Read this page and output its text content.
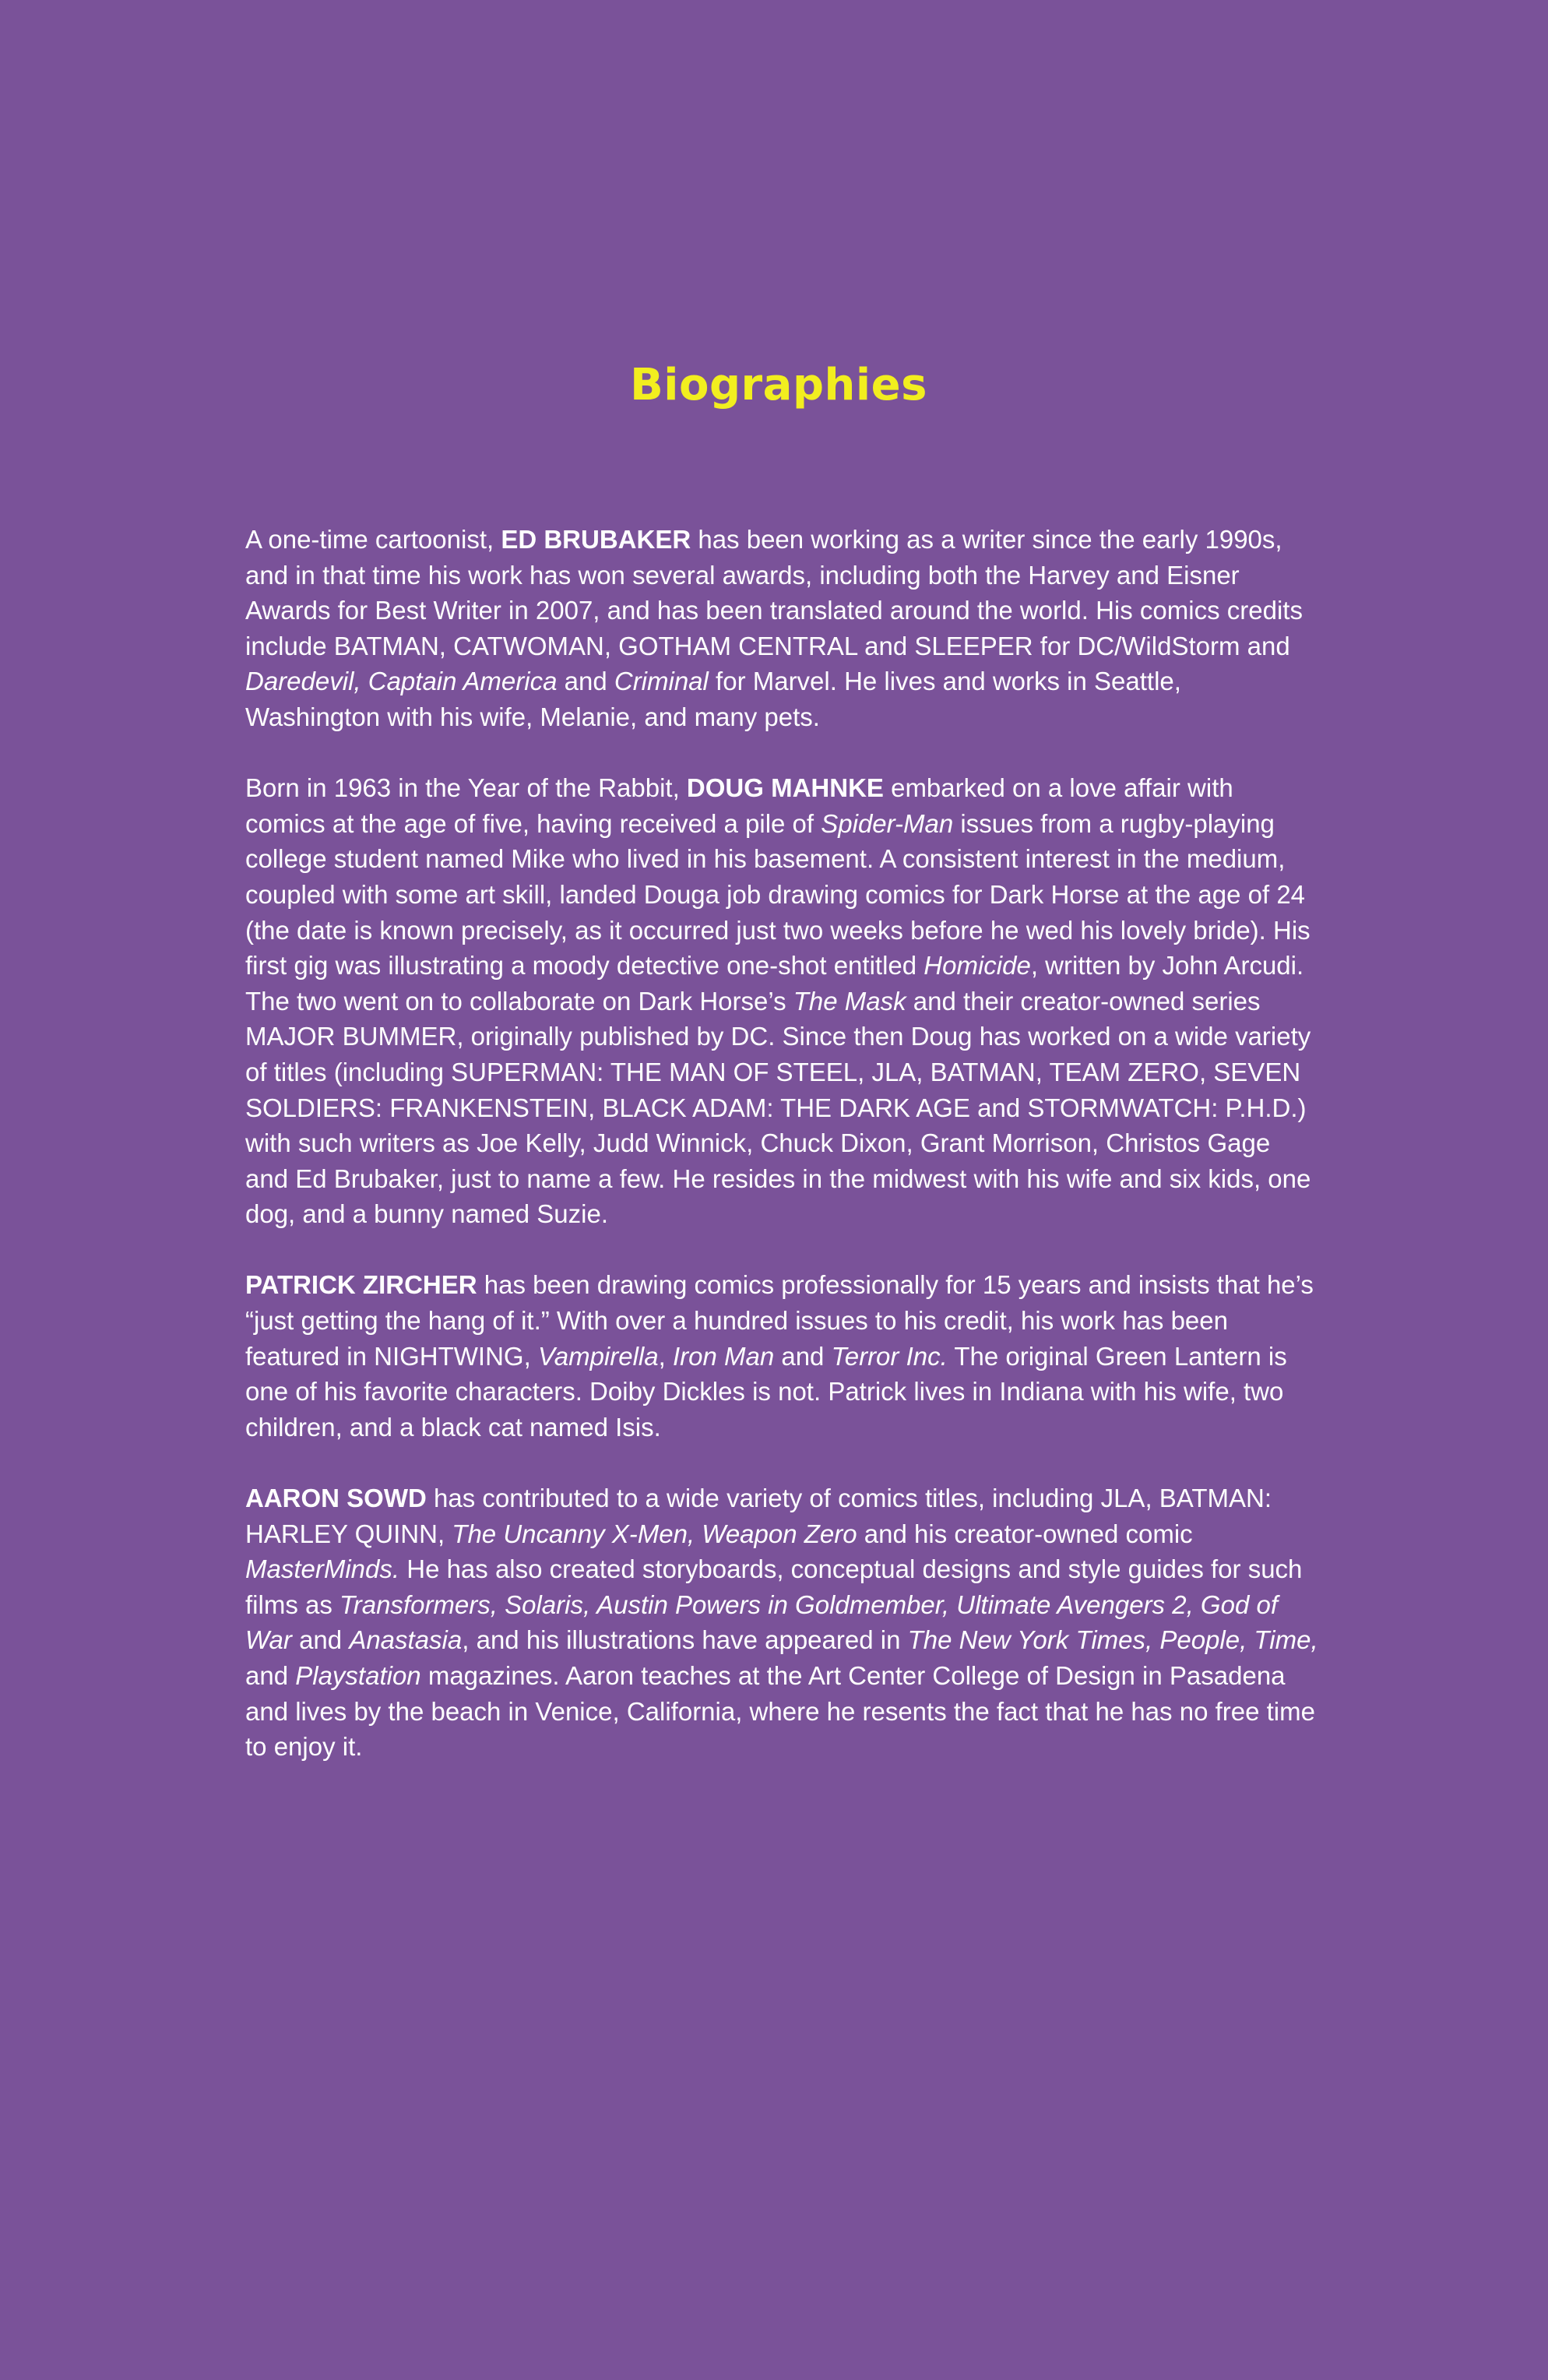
Biographies

A one-time cartoonist, ED BRUBAKER has been working as a writer since the early 1990s, and in that time his work has won several awards, including both the Harvey and Eisner Awards for Best Writer in 2007, and has been translated around the world. His comics credits include BATMAN, CATWOMAN, GOTHAM CENTRAL and SLEEPER for DC/WildStorm and Daredevil, Captain America and Criminal for Marvel. He lives and works in Seattle, Washington with his wife, Melanie, and many pets.

Born in 1963 in the Year of the Rabbit, DOUG MAHNKE embarked on a love affair with comics at the age of five, having received a pile of Spider-Man issues from a rugby-playing college student named Mike who lived in his basement. A consistent interest in the medium, coupled with some art skill, landed Douga job drawing comics for Dark Horse at the age of 24 (the date is known precisely, as it occurred just two weeks before he wed his lovely bride). His first gig was illustrating a moody detective one-shot entitled Homicide, written by John Arcudi. The two went on to collaborate on Dark Horse’s The Mask and their creator-owned series MAJOR BUMMER, originally published by DC. Since then Doug has worked on a wide variety of titles (including SUPERMAN: THE MAN OF STEEL, JLA, BATMAN, TEAM ZERO, SEVEN SOLDIERS: FRANKENSTEIN, BLACK ADAM: THE DARK AGE and STORMWATCH: P.H.D.) with such writers as Joe Kelly, Judd Winnick, Chuck Dixon, Grant Morrison, Christos Gage and Ed Brubaker, just to name a few. He resides in the midwest with his wife and six kids, one dog, and a bunny named Suzie.

PATRICK ZIRCHER has been drawing comics professionally for 15 years and insists that he’s “just getting the hang of it.” With over a hundred issues to his credit, his work has been featured in NIGHTWING, Vampirella, Iron Man and Terror Inc. The original Green Lantern is one of his favorite characters. Doiby Dickles is not. Patrick lives in Indiana with his wife, two children, and a black cat named Isis.

AARON SOWD has contributed to a wide variety of comics titles, including JLA, BATMAN: HARLEY QUINN, The Uncanny X-Men, Weapon Zero and his creator-owned comic MasterMinds. He has also created storyboards, conceptual designs and style guides for such films as Transformers, Solaris, Austin Powers in Goldmember, Ultimate Avengers 2, God of War and Anastasia, and his illustrations have appeared in The New York Times, People, Time, and Playstation magazines. Aaron teaches at the Art Center College of Design in Pasadena and lives by the beach in Venice, California, where he resents the fact that he has no free time to enjoy it.
